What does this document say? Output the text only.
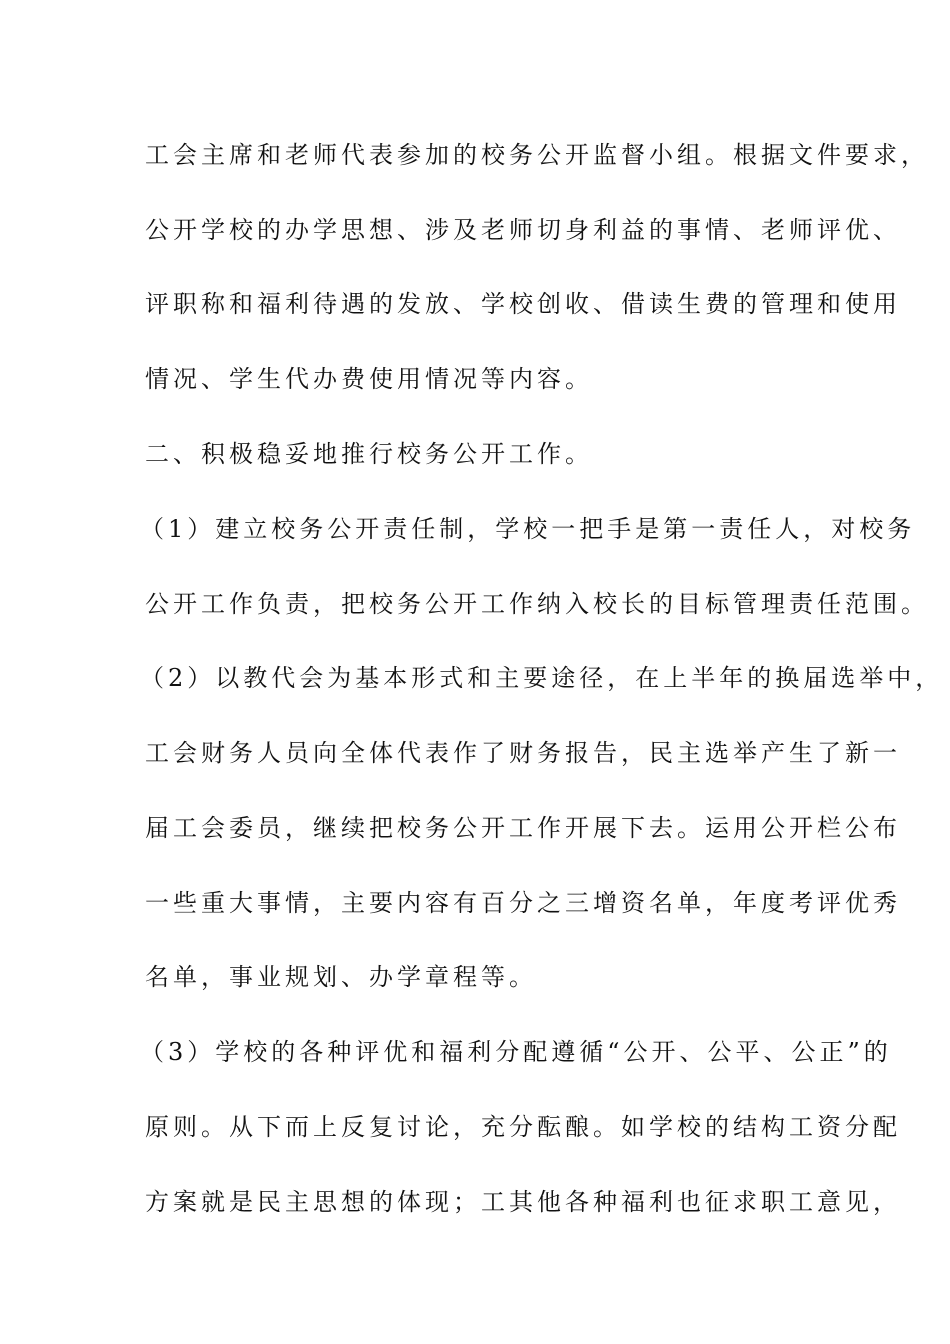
工会主席和老师代表参加的校务公开监督小组。根据文件要求，

公开学校的办学思想、涉及老师切身利益的事情、老师评优、

评职称和福利待遇的发放、学校创收、借读生费的管理和使用

情况、学生代办费使用情况等内容。

二、积极稳妥地推行校务公开工作。

（1）建立校务公开责任制，学校一把手是第一责任人，对校务

公开工作负责，把校务公开工作纳入校长的目标管理责任范围。

（2）以教代会为基本形式和主要途径，在上半年的换届选举中，

工会财务人员向全体代表作了财务报告，民主选举产生了新一

届工会委员，继续把校务公开工作开展下去。运用公开栏公布

一些重大事情，主要内容有百分之三增资名单，年度考评优秀

名单，事业规划、办学章程等。

（3）学校的各种评优和福利分配遵循“公开、公平、公正”的

原则。从下而上反复讨论，充分酝酿。如学校的结构工资分配

方案就是民主思想的体现；工其他各种福利也征求职工意见，
